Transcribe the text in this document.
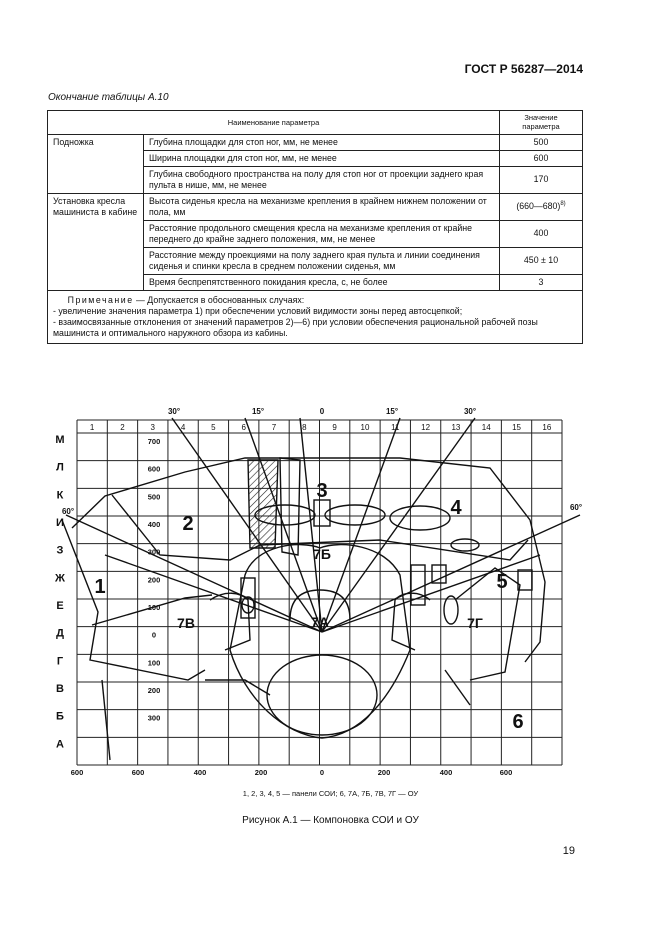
ГОСТ Р 56287—2014
Окончание таблицы А.10
Наименование параметра		Значение параметра
Подножка	Глубина площадки для стоп ног, мм, не менее	500
	Ширина площадки для стоп ног, мм, не менее	600
	Глубина свободного пространства на полу для стоп ног от проекции заднего края пульта в нише, мм, не менее	170
Установка кресла машиниста в кабине	Высота сиденья кресла на механизме крепления в крайнем нижнем положении от пола, мм	(660—680)$^{8)}$
	Расстояние продольного смещения кресла на механизме крепления от крайне переднего до крайне заднего положения, мм, не менее	400
	Расстояние между проекциями на полу заднего края пульта и линии соединения сиденья и спинки кресла в среднем положении сиденья, мм	450 ± 10
	Время беспрепятственного покидания кресла, с, не более	3

Примечание — Допускается в обоснованных случаях:
- увеличение значения параметра 1) при обеспечении условий видимости зоны перед автосцепкой;
- взаимосвязанные отклонения от значений параметров 2)—6) при условии обеспечения рациональной рабочей позы машиниста и оптимального наружного обзора из кабины.		
1	2	3	4	5	6	7	8	9	10	11	12	13	14	15	16
М
Л
К
И
З
Ж
Е
Д
Г
В
Б
А
700
600
500
400
300
200
100
0
100
200
300
600	600	400	200	0	200	400	600
30°	15°	0	15°	30°
60°	60°
1
2
3
4
5
6
7Б
7В	7А	7Г
1, 2, 3, 4, 5 — панели СОИ; 6, 7А, 7Б, 7В, 7Г — ОУ
Рисунок А.1 — Компоновка СОИ и ОУ
19
